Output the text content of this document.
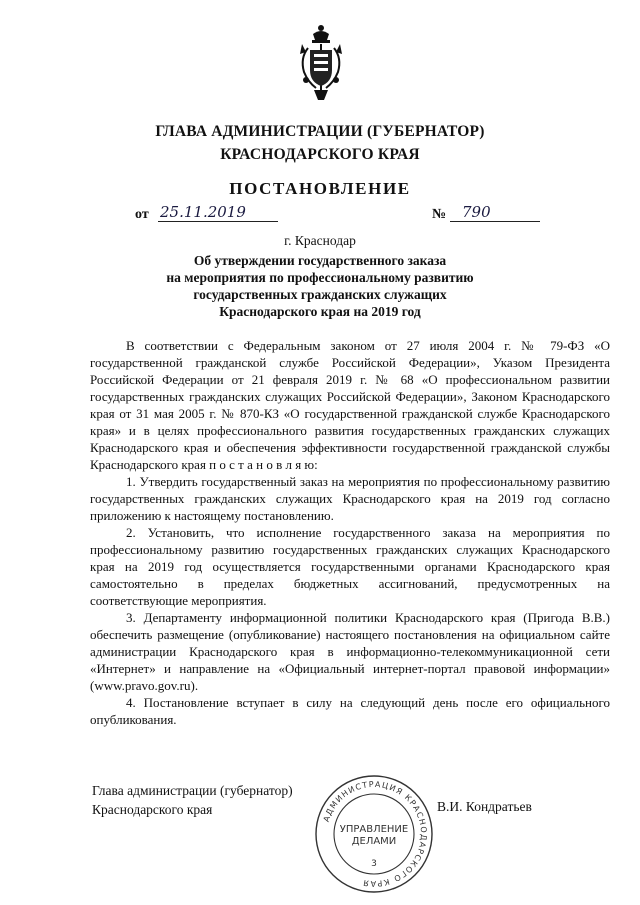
ГЛАВА АДМИНИСТРАЦИИ (ГУБЕРНАТОР)
КРАСНОДАРСКОГО КРАЯ
ПОСТАНОВЛЕНИЕ
от 25.11.2019	№	790
г. Краснодар
Об утверждении государственного заказа
на мероприятия по профессиональному развитию
государственных гражданских служащих
Краснодарского края на 2019 год

В соответствии с Федеральным законом от 27 июля 2004 г. № 79-ФЗ «О государственной гражданской службе Российской Федерации», Указом Президента Российской Федерации от 21 февраля 2019 г. № 68 «О профессиональном развитии государственных гражданских служащих Российской Федерации», Законом Краснодарского края от 31 мая 2005 г. № 870-КЗ «О государственной гражданской службе Краснодарского края» и в целях профессионального развития государственных гражданских служащих Краснодарского края и обеспечения эффективности государственной гражданской службы Краснодарского края п о с т а н о в л я ю:

1. Утвердить государственный заказ на мероприятия по профессиональному развитию государственных гражданских служащих Краснодарского края на 2019 год согласно приложению к настоящему постановлению.

2. Установить, что исполнение государственного заказа на мероприятия по профессиональному развитию государственных гражданских служащих Краснодарского края на 2019 год осуществляется государственными органами Краснодарского края самостоятельно в пределах бюджетных ассигнований, предусмотренных на соответствующие мероприятия.

3. Департаменту информационной политики Краснодарского края (Пригода В.В.) обеспечить размещение (опубликование) настоящего постановления на официальном сайте администрации Краснодарского края в информационно-телекоммуникационной сети «Интернет» и направление на «Официальный интернет-портал правовой информации» (www.pravo.gov.ru).

4. Постановление вступает в силу на следующий день после его официального опубликования.

Глава администрации (губернатор)
Краснодарского края	В.И. Кондратьев
АДМИНИСТРАЦИЯ КРАСНОДАРСКОГО КРАЯ
УПРАВЛЕНИЕ
ДЕЛАМИ
3
